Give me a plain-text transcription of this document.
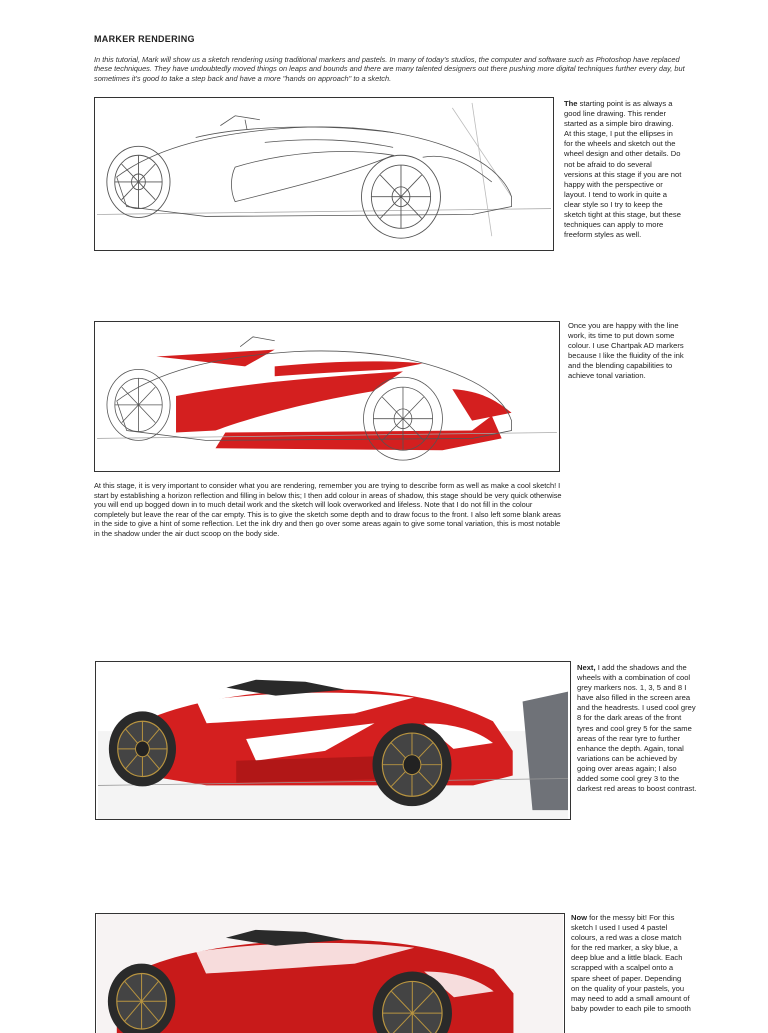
MARKER RENDERING
In this tutorial, Mark will show us a sketch rendering using traditional markers and pastels. In many of today's studios, the computer and software such as Photoshop have replaced these techniques. They have undoubtedly moved things on leaps and bounds and there are many talented designers out there pushing more digital techniques further every day, but sometimes it's good to take a step back and have a more "hands on approach" to a sketch.
The starting point is as always a good line drawing. This render started as a simple biro drawing. At this stage, I put the ellipses in for the wheels and sketch out the wheel design and other details. Do not be afraid to do several versions at this stage if you are not happy with the perspective or layout. I tend to work in quite a clear style so I try to keep the sketch tight at this stage, but these techniques can apply to more freeform styles as well.
Once you are happy with the line work, its time to put down some colour. I use Chartpak AD markers because I like the fluidity of the ink and the blending capabilities to achieve tonal variation.
At this stage, it is very important to consider what you are rendering, remember you are trying to describe form as well as make a cool sketch! I start by establishing a horizon reflection and filling in below this; I then add colour in areas of shadow, this stage should be very quick otherwise you will end up bogged down in to much detail work and the sketch will look overworked and lifeless. Note that I do not fill in the colour completely but leave the rear of the car empty. This is to give the sketch some depth and to draw focus to the front. I also left some blank areas in the side to give a hint of some reflection. Let the ink dry and then go over some areas again to give some tonal variation, this is most notable in the shadow under the air duct scoop on the body side.
Next, I add the shadows and the wheels with a combination of cool grey markers nos. 1, 3, 5 and 8 I have also filled in the screen area and the headrests. I used cool grey 8 for the dark areas of the front tyres and cool grey 5 for the same areas of the rear tyre to further enhance the depth. Again, tonal variations can be achieved by going over areas again; I also added some cool grey 3 to the darkest red areas to boost contrast.
Now for the messy bit! For this sketch I used I used 4 pastel colours, a red was a close match for the red marker, a sky blue, a deep blue and a little black. Each scrapped with a scalpel onto a spare sheet of paper. Depending on the quality of your pastels, you may need to add a small amount of baby powder to each pile to smooth
